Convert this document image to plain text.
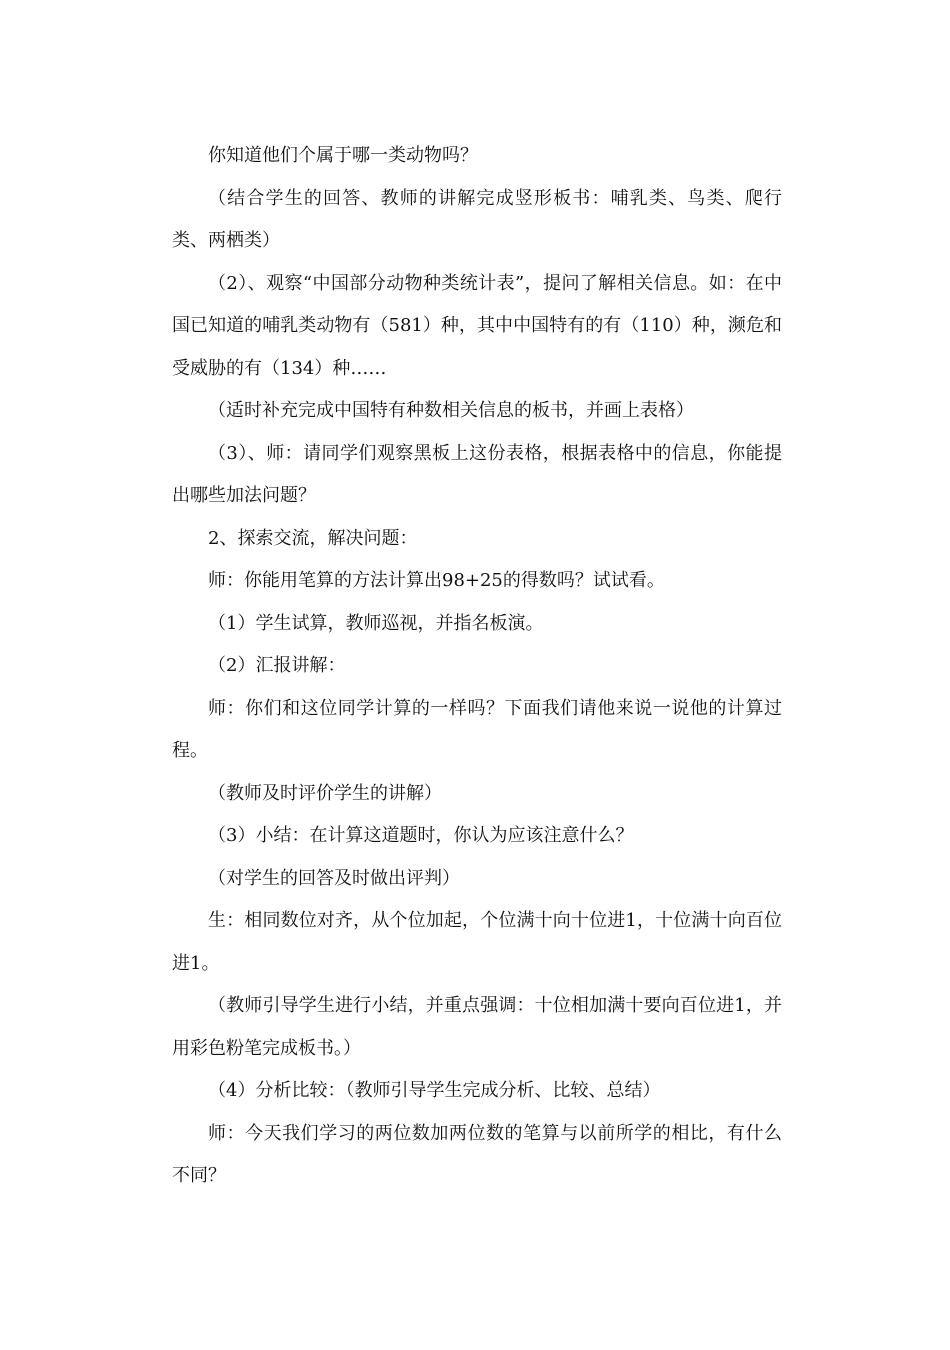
你知道他们个属于哪一类动物吗？

（结合学生的回答、教师的讲解完成竖形板书：哺乳类、鸟类、爬行类、两栖类）

（2）、观察“中国部分动物种类统计表”，提问了解相关信息。如：在中国已知道的哺乳类动物有（581）种，其中中国特有的有（110）种，濒危和受威胁的有（134）种……

（适时补充完成中国特有种数相关信息的板书，并画上表格）

（3）、师：请同学们观察黑板上这份表格，根据表格中的信息，你能提出哪些加法问题？

2、探索交流，解决问题：

师：你能用笔算的方法计算出98+25的得数吗？试试看。

（1）学生试算，教师巡视，并指名板演。

（2）汇报讲解：

师：你们和这位同学计算的一样吗？下面我们请他来说一说他的计算过程。

（教师及时评价学生的讲解）

（3）小结：在计算这道题时，你认为应该注意什么？

（对学生的回答及时做出评判）

生：相同数位对齐，从个位加起，个位满十向十位进1，十位满十向百位进1。

（教师引导学生进行小结，并重点强调：十位相加满十要向百位进1，并用彩色粉笔完成板书。）

（4）分析比较：（教师引导学生完成分析、比较、总结）

师：今天我们学习的两位数加两位数的笔算与以前所学的相比，有什么不同？
